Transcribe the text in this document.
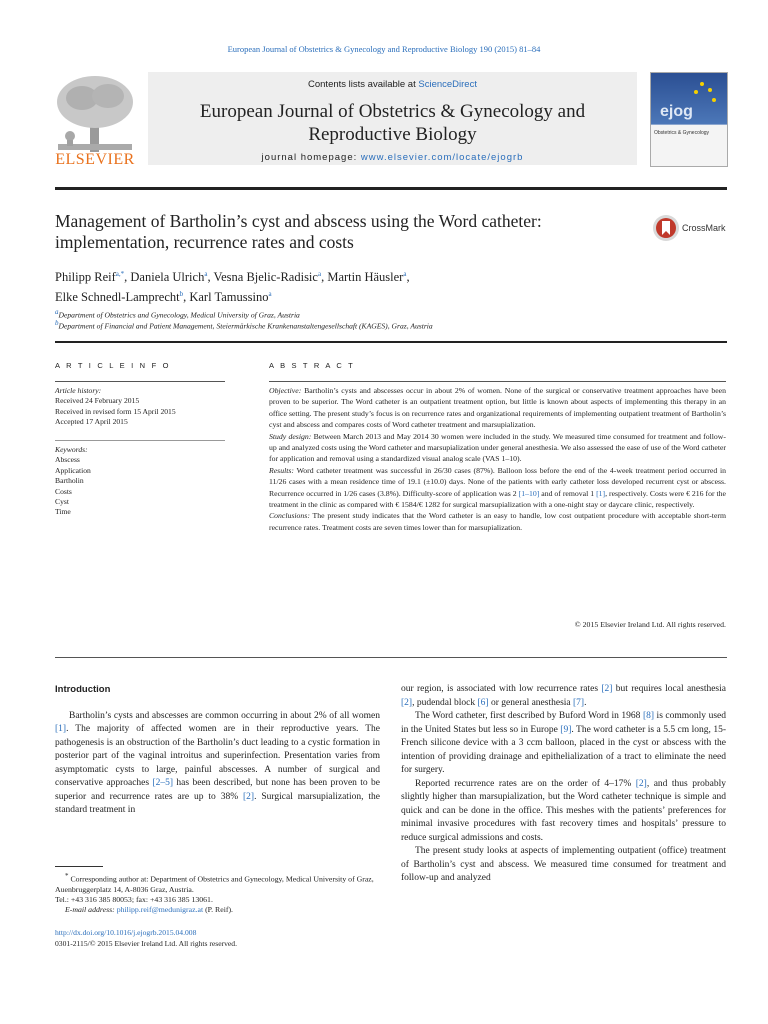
European Journal of Obstetrics & Gynecology and Reproductive Biology 190 (2015) 81–84
ELSEVIER
Contents lists available at ScienceDirect
European Journal of Obstetrics & Gynecology and Reproductive Biology
journal homepage: www.elsevier.com/locate/ejogrb
ejog
Obstetrics & Gynecology
Management of Bartholin’s cyst and abscess using the Word catheter: implementation, recurrence rates and costs
CrossMark
Philipp Reif$^{a,*}$, Daniela Ulrich$^a$, Vesna Bjelic-Radisic$^a$, Martin Häusler$^a$,
Elke Schnedl-Lamprecht$^b$, Karl Tamussino$^a$
$^a$Department of Obstetrics and Gynecology, Medical University of Graz, Austria
$^b$Department of Financial and Patient Management, Steiermärkische Krankenanstaltengesellschaft (KAGES), Graz, Austria
A R T I C L E I N F O
Article history:
Received 24 February 2015
Received in revised form 15 April 2015
Accepted 17 April 2015
Keywords:
Abscess
Application
Bartholin
Costs
Cyst
Time
A B S T R A C T
Objective: Bartholin’s cysts and abscesses occur in about 2% of women. None of the surgical or conservative treatment approaches have been proven to be superior. The Word catheter is an outpatient treatment option, but little is known about aspects of implementing this therapy in an office setting. The present study’s focus is on recurrence rates and organizational requirements of implementing outpatient treatment of Bartholin’s cyst and abscess and compares costs of Word catheter treatment and marsupialization.
Study design: Between March 2013 and May 2014 30 women were included in the study. We measured time consumed for treatment and follow-up and analyzed costs using the Word catheter and marsupialization under general anesthesia. We also assessed the ease of use of the Word catheter for application and removal using a standardized visual analog scale (VAS 1–10).
Results: Word catheter treatment was successful in 26/30 cases (87%). Balloon loss before the end of the 4-week treatment period occurred in 11/26 cases with a mean residence time of 19.1 (±10.0) days. None of the patients with early catheter loss developed recurrent cyst or abscess. Recurrence occurred in 1/26 cases (3.8%). Difficulty-score of application was 2 [1–10] and of removal 1 [1], respectively. Costs were € 216 for the treatment in the clinic as compared with € 1584/€ 1282 for surgical marsupialization with a one-night stay or daycare clinic, respectively.
Conclusions: The present study indicates that the Word catheter is an easy to handle, low cost outpatient procedure with acceptable short-term recurrence rates. Treatment costs are seven times lower than for marsupialization.
© 2015 Elsevier Ireland Ltd. All rights reserved.
Introduction

Bartholin’s cysts and abscesses are common occurring in about 2% of all women [1]. The majority of affected women are in their reproductive years. The pathogenesis is an obstruction of the Bartholin’s duct leading to a cystic formation in posterior part of the vaginal introitus and superinfection. Presentation varies from asymptomatic cysts to large, painful abscesses. A number of surgical and conservative approaches [2–5] has been described, but none has been proven to be superior and recurrence rates are up to 38% [2]. Surgical marsupialization, the standard treatment in

our region, is associated with low recurrence rates [2] but requires local anesthesia [2], pudendal block [6] or general anesthesia [7].

The Word catheter, first described by Buford Word in 1968 [8] is commonly used in the United States but less so in Europe [9]. The word catheter is a 5.5 cm long, 15-French silicone device with a 3 ccm balloon, placed in the cyst or abscess with the intention of providing drainage and epithelialization of a tract to eliminate the need for surgery.

Reported recurrence rates are on the order of 4–17% [2], and thus probably slightly higher than marsupialization, but the Word catheter technique is simple and quick and can be done in the office. This meshes with the patients’ preferences for minimal invasive procedures with fast recovery times and hospitals’ pressure to reduce surgical admissions and costs.

The present study looks at aspects of implementing outpatient (office) treatment of Bartholin’s cyst and abscess. We measured time consumed for treatment and follow-up and analyzed

* Corresponding author at: Department of Obstetrics and Gynecology, Medical University of Graz, Auenbruggerplatz 14, A-8036 Graz, Austria.
Tel.: +43 316 385 80053; fax: +43 316 385 13061.
E-mail address: philipp.reif@medunigraz.at (P. Reif).
http://dx.doi.org/10.1016/j.ejogrb.2015.04.008
0301-2115/© 2015 Elsevier Ireland Ltd. All rights reserved.
